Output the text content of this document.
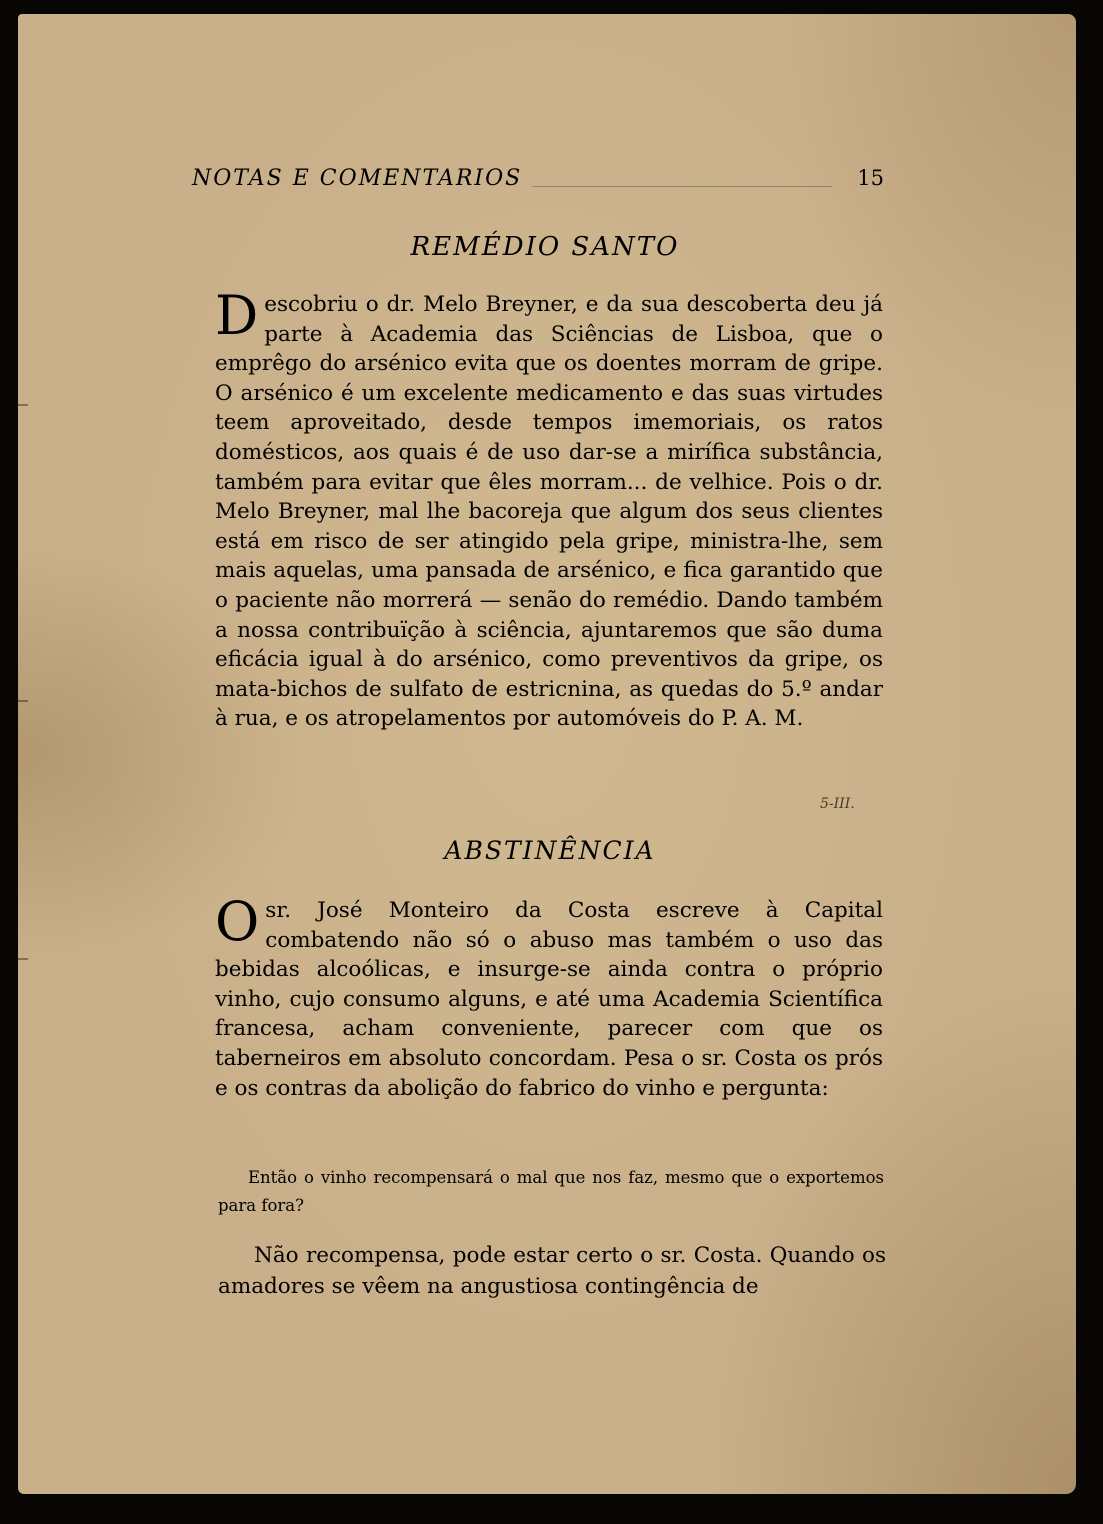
NOTAS E COMENTARIOS	15
REMÉDIO SANTO
D escobriu o dr. Melo Breyner, e da sua descoberta deu já parte à Academia das Sciências de Lisboa, que o emprêgo do arsénico evita que os doentes morram de gripe. O arsénico é um excelente medicamento e das suas virtudes teem aproveitado, desde tempos imemoriais, os ratos domésticos, aos quais é de uso dar-se a mirífica substância, também para evitar que êles morram... de velhice. Pois o dr. Melo Breyner, mal lhe bacoreja que algum dos seus clientes está em risco de ser atingido pela gripe, ministra-lhe, sem mais aquelas, uma pansada de arsénico, e fica garantido que o paciente não morrerá — senão do remédio. Dando também a nossa contribuïção à sciência, ajuntaremos que são duma eficácia igual à do arsénico, como preventivos da gripe, os mata-bichos de sulfato de estricnina, as quedas do 5.º andar à rua, e os atropelamentos por automóveis do P. A. M.
5-III.
ABSTINÊNCIA
O sr. José Monteiro da Costa escreve à Capital combatendo não só o abuso mas também o uso das bebidas alcoólicas, e insurge-se ainda contra o próprio vinho, cujo consumo alguns, e até uma Academia Scientífica francesa, acham conveniente, parecer com que os taberneiros em absoluto concordam. Pesa o sr. Costa os prós e os contras da abolição do fabrico do vinho e pergunta:
Então o vinho recompensará o mal que nos faz, mesmo que o exportemos para fora?
Não recompensa, pode estar certo o sr. Costa. Quando os amadores se vêem na angustiosa contingência de
